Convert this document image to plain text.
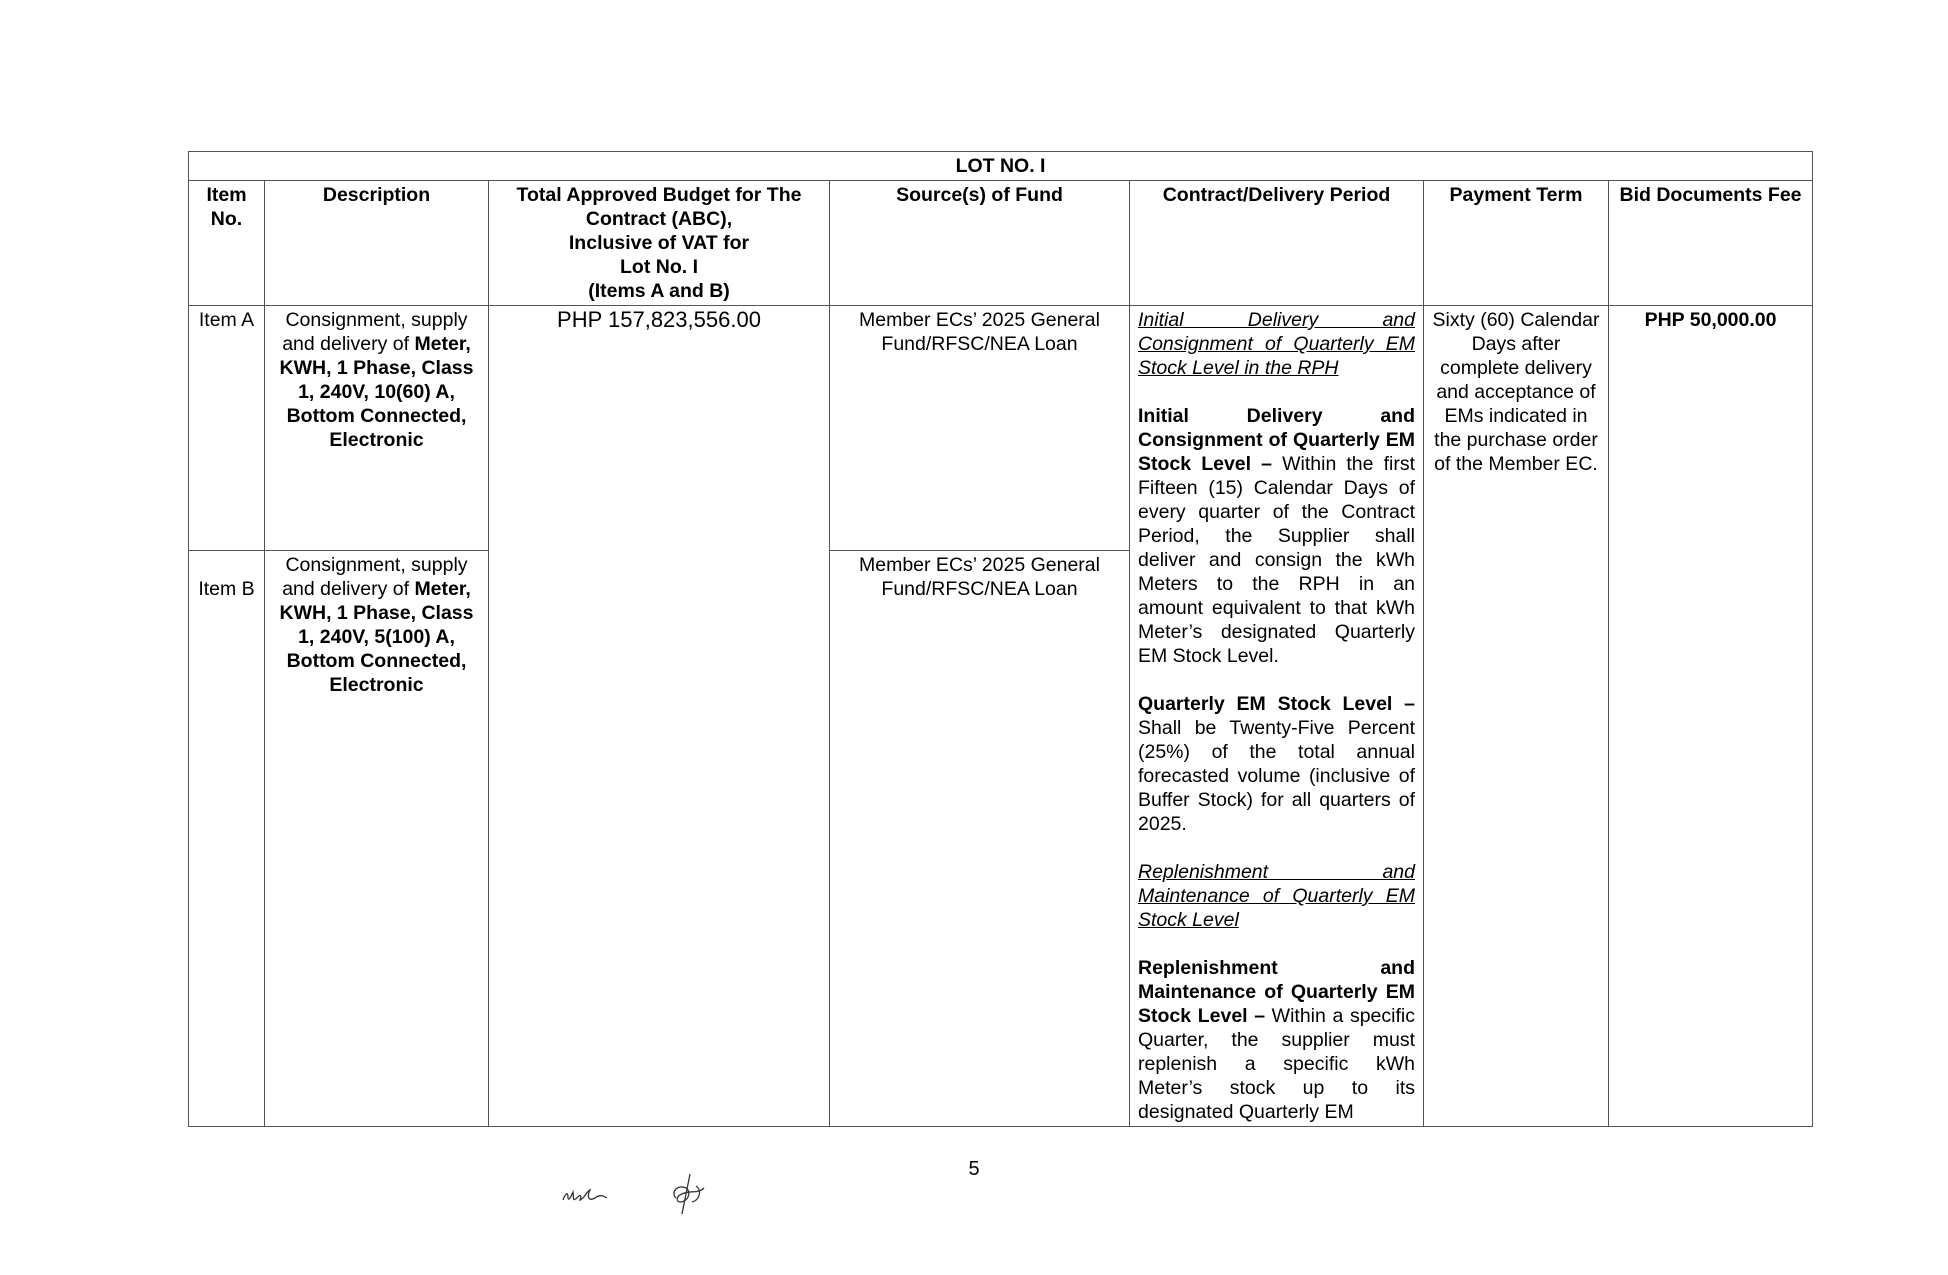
LOT NO. I						
Item No.	Description	Total Approved Budget for The Contract (ABC),
Inclusive of VAT for
Lot No. I
(Items A and B)	Source(s) of Fund	Contract/Delivery Period	Payment Term	Bid Documents Fee
Item A	Consignment, supply and delivery of Meter, KWH, 1 Phase, Class 1, 240V, 10(60) A, Bottom Connected, Electronic	PHP 157,823,556.00	Member ECs’ 2025 General Fund/RFSC/NEA Loan	Initial Delivery and Consignment of Quarterly EM Stock Level in the RPH
Initial Delivery and Consignment of Quarterly EM Stock Level – Within the first Fifteen (15) Calendar Days of every quarter of the Contract Period, the Supplier shall deliver and consign the kWh Meters to the RPH in an amount equivalent to that kWh Meter’s designated Quarterly EM Stock Level.
Quarterly EM Stock Level – Shall be Twenty-Five Percent (25%) of the total annual forecasted volume (inclusive of Buffer Stock) for all quarters of 2025.
Replenishment and Maintenance of Quarterly EM Stock Level
Replenishment and Maintenance of Quarterly EM Stock Level – Within a specific Quarter, the supplier must replenish a specific kWh Meter’s stock up to its designated Quarterly EM	Sixty (60) Calendar Days after complete delivery and acceptance of EMs indicated in the purchase order of the Member EC.	PHP 50,000.00
Item B	Consignment, supply and delivery of Meter, KWH, 1 Phase, Class 1, 240V, 5(100) A, Bottom Connected, Electronic		Member ECs’ 2025 General Fund/RFSC/NEA Loan			
5
